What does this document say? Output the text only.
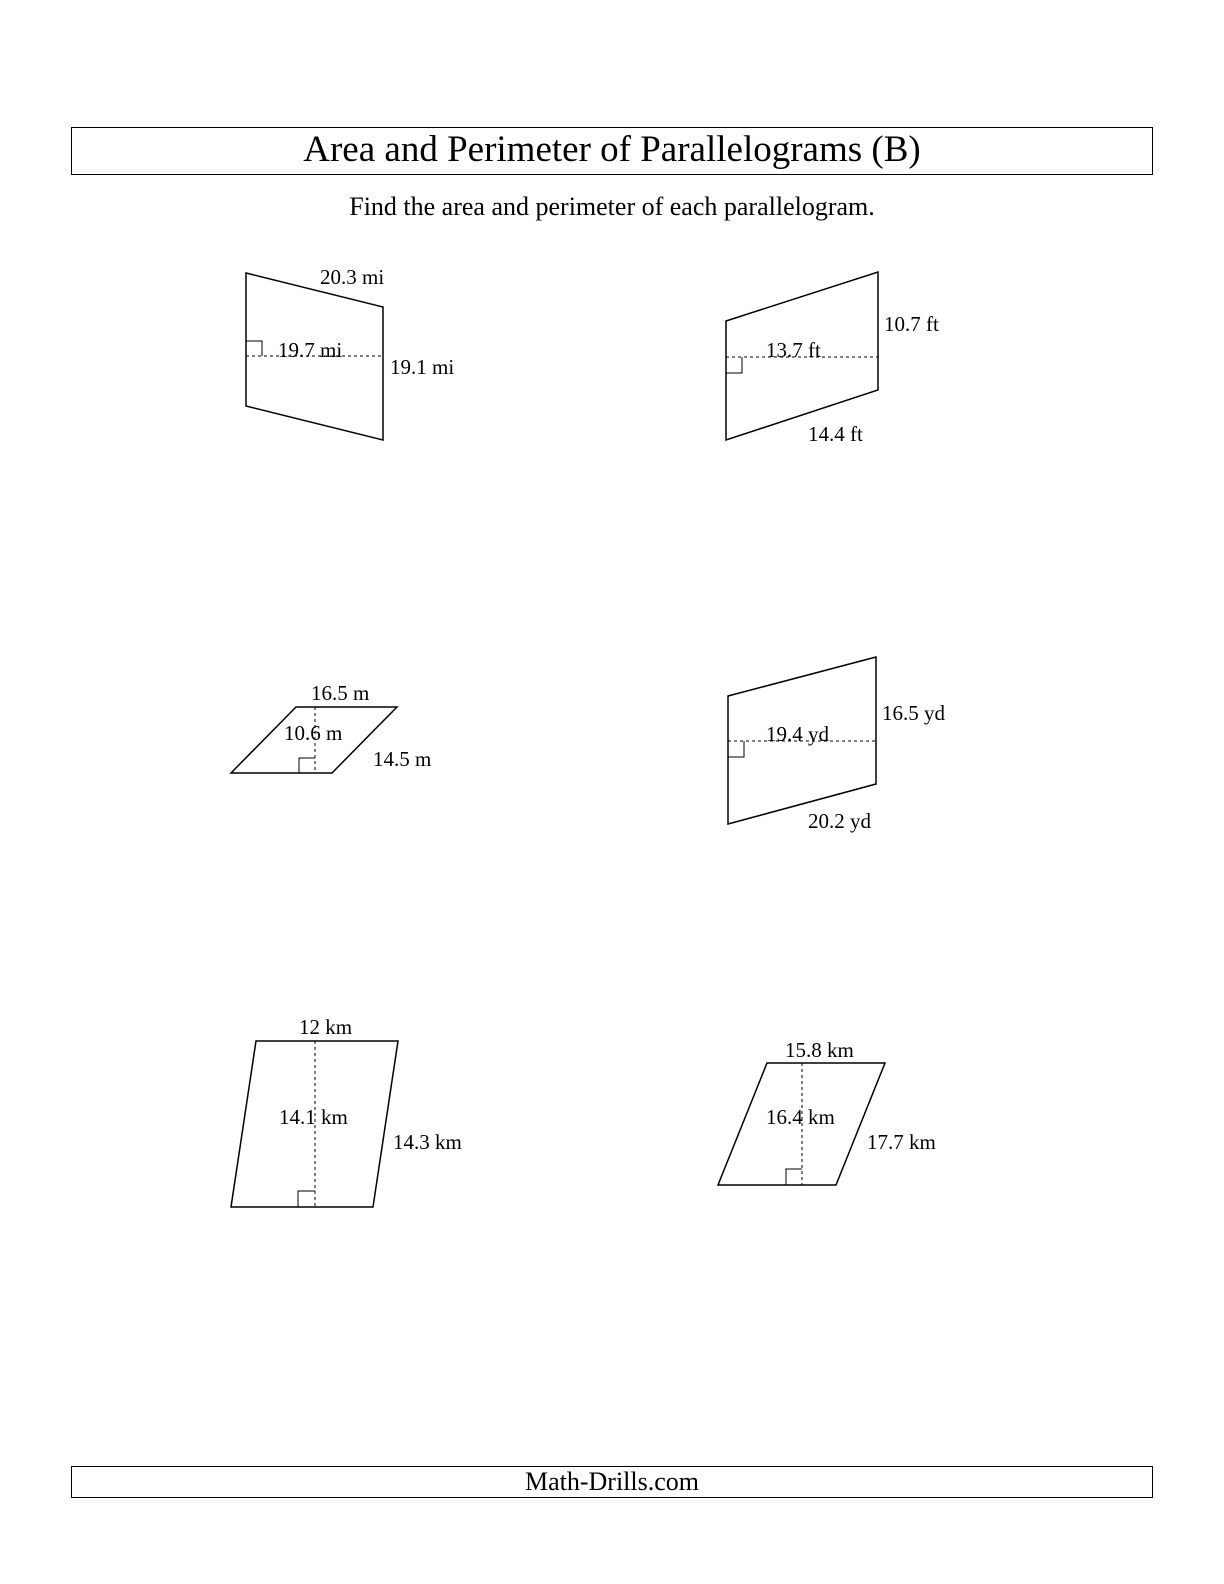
Area and Perimeter of Parallelograms (B)
Find the area and perimeter of each parallelogram.
20.3 mi
19.7 mi
19.1 mi
10.7 ft
13.7 ft
14.4 ft
16.5 m
10.6 m
14.5 m
16.5 yd
19.4 yd
20.2 yd
12 km
14.1 km
14.3 km
15.8 km
16.4 km
17.7 km
Math-Drills.com
